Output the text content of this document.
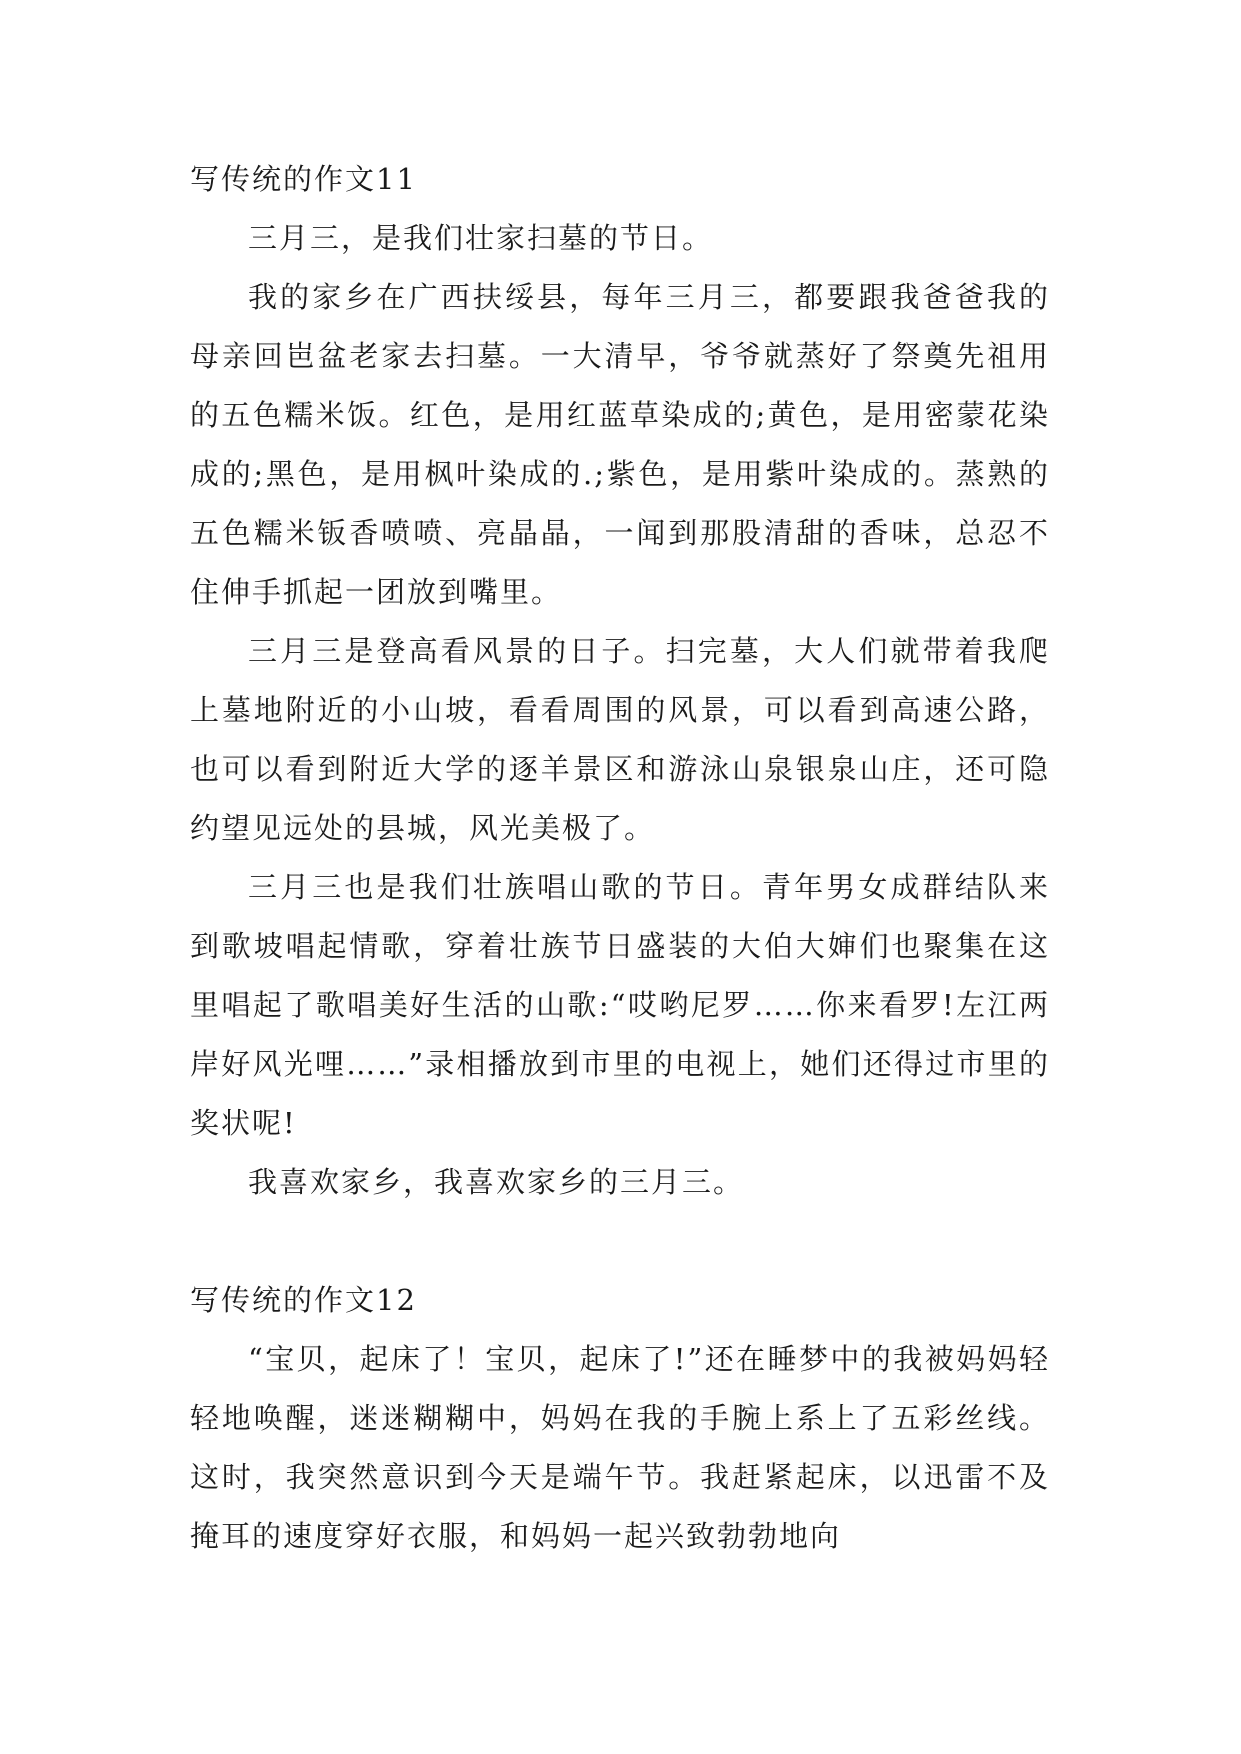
写传统的作文11

三月三，是我们壮家扫墓的节日。

我的家乡在广西扶绥县，每年三月三，都要跟我爸爸我的母亲回岜盆老家去扫墓。一大清早，爷爷就蒸好了祭奠先祖用的五色糯米饭。红色，是用红蓝草染成的;黄色，是用密蒙花染成的;黑色，是用枫叶染成的.;紫色，是用紫叶染成的。蒸熟的五色糯米钣香喷喷、亮晶晶，一闻到那股清甜的香味，总忍不住伸手抓起一团放到嘴里。

三月三是登高看风景的日子。扫完墓，大人们就带着我爬上墓地附近的小山坡，看看周围的风景，可以看到高速公路，也可以看到附近大学的逐羊景区和游泳山泉银泉山庄，还可隐约望见远处的县城，风光美极了。

三月三也是我们壮族唱山歌的节日。青年男女成群结队来到歌坡唱起情歌，穿着壮族节日盛装的大伯大婶们也聚集在这里唱起了歌唱美好生活的山歌:“哎哟尼罗……你来看罗!左江两岸好风光哩……”录相播放到市里的电视上，她们还得过市里的奖状呢!

我喜欢家乡，我喜欢家乡的三月三。

写传统的作文12

“宝贝，起床了！宝贝，起床了!”还在睡梦中的我被妈妈轻轻地唤醒，迷迷糊糊中，妈妈在我的手腕上系上了五彩丝线。这时，我突然意识到今天是端午节。我赶紧起床，以迅雷不及掩耳的速度穿好衣服，和妈妈一起兴致勃勃地向
